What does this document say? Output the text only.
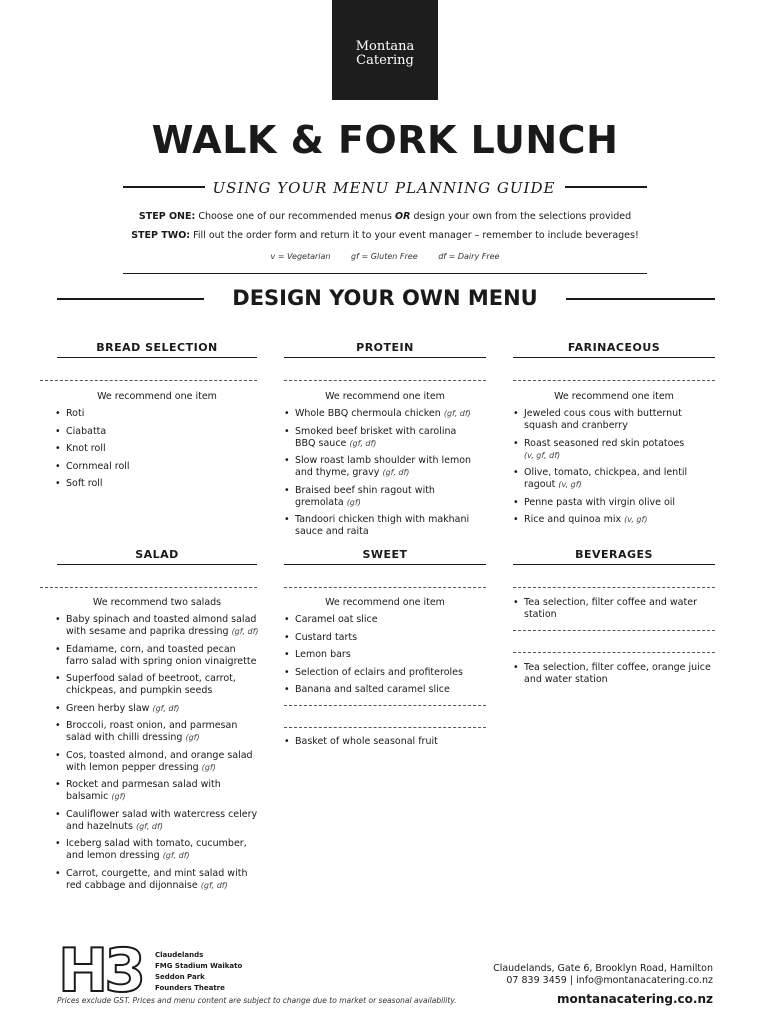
Montana
Catering
WALK & FORK LUNCH
USING YOUR MENU PLANNING GUIDE
STEP ONE: Choose one of our recommended menus OR design your own from the selections provided
STEP TWO: Fill out the order form and return it to your event manager – remember to include beverages!
v = Vegetarian	gf = Gluten Free	df = Dairy Free
DESIGN YOUR OWN MENU
BREAD SELECTION
We recommend one item
• Roti
• Ciabatta
• Knot roll
• Cornmeal roll
• Soft roll
PROTEIN
We recommend one item
• Whole BBQ chermoula chicken (gf, df)
• Smoked beef brisket with carolina BBQ sauce (gf, df)
• Slow roast lamb shoulder with lemon and thyme, gravy (gf, df)
• Braised beef shin ragout with gremolata (gf)
• Tandoori chicken thigh with makhani sauce and raita
FARINACEOUS
We recommend one item
• Jeweled cous cous with butternut squash and cranberry
• Roast seasoned red skin potatoes
(v, gf, df)
• Olive, tomato, chickpea, and lentil ragout (v, gf)
• Penne pasta with virgin olive oil
• Rice and quinoa mix (v, gf)
SALAD
We recommend two salads
• Baby spinach and toasted almond salad with sesame and paprika dressing (gf, df)
• Edamame, corn, and toasted pecan farro salad with spring onion vinaigrette
• Superfood salad of beetroot, carrot, chickpeas, and pumpkin seeds
• Green herby slaw (gf, df)
• Broccoli, roast onion, and parmesan salad with chilli dressing (gf)
• Cos, toasted almond, and orange salad with lemon pepper dressing (gf)
• Rocket and parmesan salad with balsamic (gf)
• Cauliflower salad with watercress celery and hazelnuts (gf, df)
• Iceberg salad with tomato, cucumber, and lemon dressing (gf, df)
• Carrot, courgette, and mint salad with red cabbage and dijonnaise (gf, df)
SWEET
We recommend one item
• Caramel oat slice
• Custard tarts
• Lemon bars
• Selection of eclairs and profiteroles
• Banana and salted caramel slice
• Basket of whole seasonal fruit
BEVERAGES
• Tea selection, filter coffee and water station
• Tea selection, filter coffee, orange juice and water station
H3 Claudelands
FMG Stadium Waikato
Seddon Park
Founders Theatre
Claudelands, Gate 6, Brooklyn Road, Hamilton
07 839 3459 | info@montanacatering.co.nz
montanacatering.co.nz
Prices exclude GST. Prices and menu content are subject to change due to market or seasonal availability.
